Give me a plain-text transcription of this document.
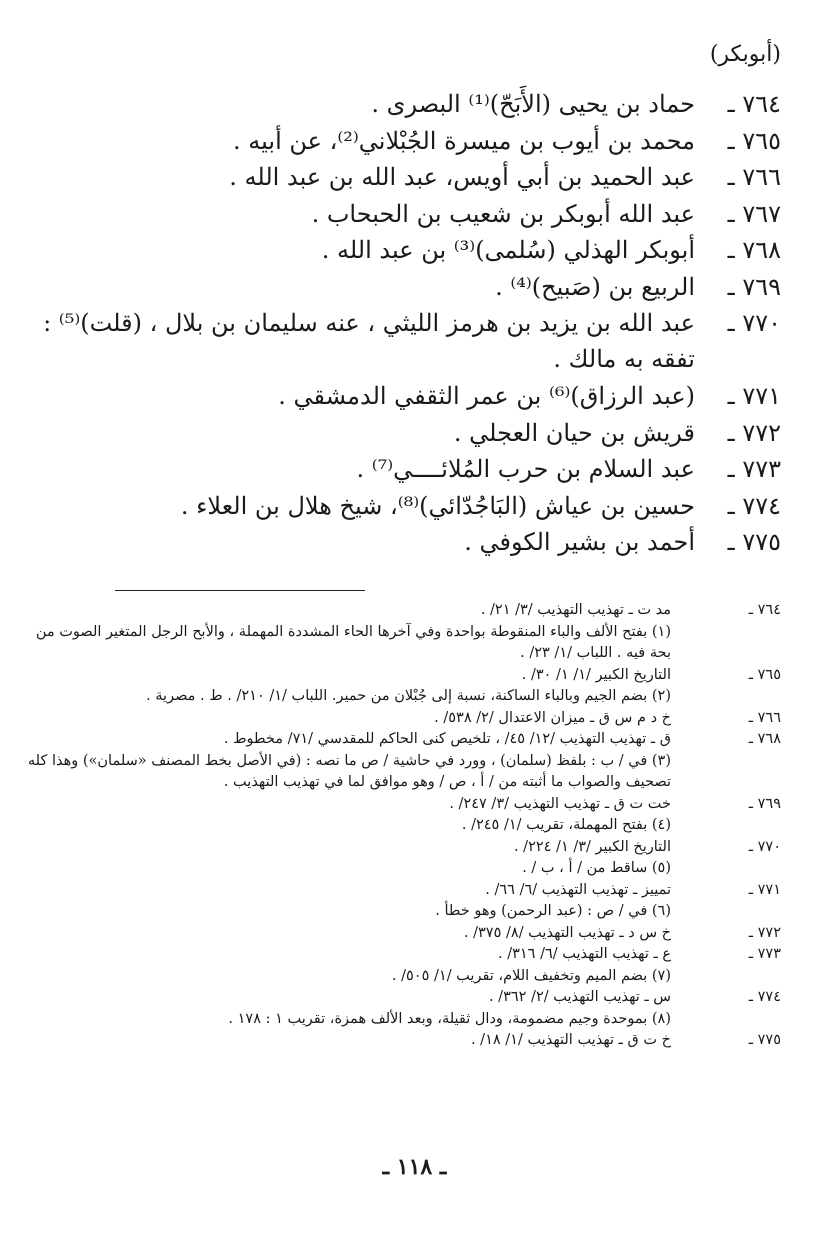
(أبوبكر)
٧٦٤ ـ
حماد بن يحيى (الأَبَحّ)⁽¹⁾ البصرى .
٧٦٥ ـ
محمد بن أيوب بن ميسرة الجُبْلاني⁽²⁾، عن أبيه .
٧٦٦ ـ
عبد الحميد بن أبي أويس، عبد الله بن عبد الله .
٧٦٧ ـ
عبد الله أبوبكر بن شعيب بن الحبحاب .
٧٦٨ ـ
أبوبكر الهذلي (سُلمى)⁽³⁾ بن عبد الله .
٧٦٩ ـ
الربيع بن (صَبيح)⁽⁴⁾ .
٧٧٠ ـ
عبد الله بن يزيد بن هرمز الليثي ، عنه سليمان بن بلال ، (قلت)⁽⁵⁾ : تفقه به مالك .
٧٧١ ـ
(عبد الرزاق)⁽⁶⁾ بن عمر الثقفي الدمشقي .
٧٧٢ ـ
قريش بن حيان العجلي .
٧٧٣ ـ
عبد السلام بن حرب المُلائــــي⁽⁷⁾ .
٧٧٤ ـ
حسين بن عياش (البَاجُدّائي)⁽⁸⁾، شيخ هلال بن العلاء .
٧٧٥ ـ
أحمد بن بشير الكوفي .
٧٦٤ ـ
مد ت ـ تهذيب التهذيب /٣/ ٢١/ .
(١) بفتح الألف والباء المنقوطة بواحدة وفي آخرها الحاء المشددة المهملة ، والأبح الرجل المتغير الصوت من بحة فيه . اللباب /١/ ٢٣/ .
٧٦٥ ـ
التاريخ الكبير /١/ ١/ ٣٠/ .
(٢) بضم الجيم وبالباء الساكنة، نسبة إلى جُبْلان من حمير. اللباب /١/ ٢١٠/ . ط . مصرية .
٧٦٦ ـ
خ د م س ق ـ ميزان الاعتدال /٢/ ٥٣٨/ .
٧٦٨ ـ
ق ـ تهذيب التهذيب /١٢/ ٤٥/ ، تلخيص كنى الحاكم للمقدسي /٧١/ مخطوط .
(٣) في / ب : بلفظ (سلمان) ، وورد في حاشية / ص ما نصه : (في الأصل بخط المصنف «سلمان») وهذا كله تصحيف والصواب ما أثبته من / أ ، ص / وهو موافق لما في تهذيب التهذيب .
٧٦٩ ـ
خت ت ق ـ تهذيب التهذيب /٣/ ٢٤٧/ .
(٤) بفتح المهملة، تقريب /١/ ٢٤٥/ .
٧٧٠ ـ
التاريخ الكبير /٣/ ١/ ٢٢٤/ .
(٥) ساقط من / أ ، ب / .
٧٧١ ـ
تمييز ـ تهذيب التهذيب /٦/ ٦٦/ .
(٦) في / ص : (عبد الرحمن) وهو خطأ .
٧٧٢ ـ
خ س د ـ تهذيب التهذيب /٨/ ٣٧٥/ .
٧٧٣ ـ
ع ـ تهذيب التهذيب /٦/ ٣١٦/ .
(٧) بضم الميم وتخفيف اللام، تقريب /١/ ٥٠٥/ .
٧٧٤ ـ
س ـ تهذيب التهذيب /٢/ ٣٦٢/ .
(٨) بموحدة وجيم مضمومة، ودال ثقيلة، وبعد الألف همزة، تقريب ١ : ١٧٨ .
٧٧٥ ـ
خ ت ق ـ تهذيب التهذيب /١/ ١٨/ .
ـ ١١٨ ـ
